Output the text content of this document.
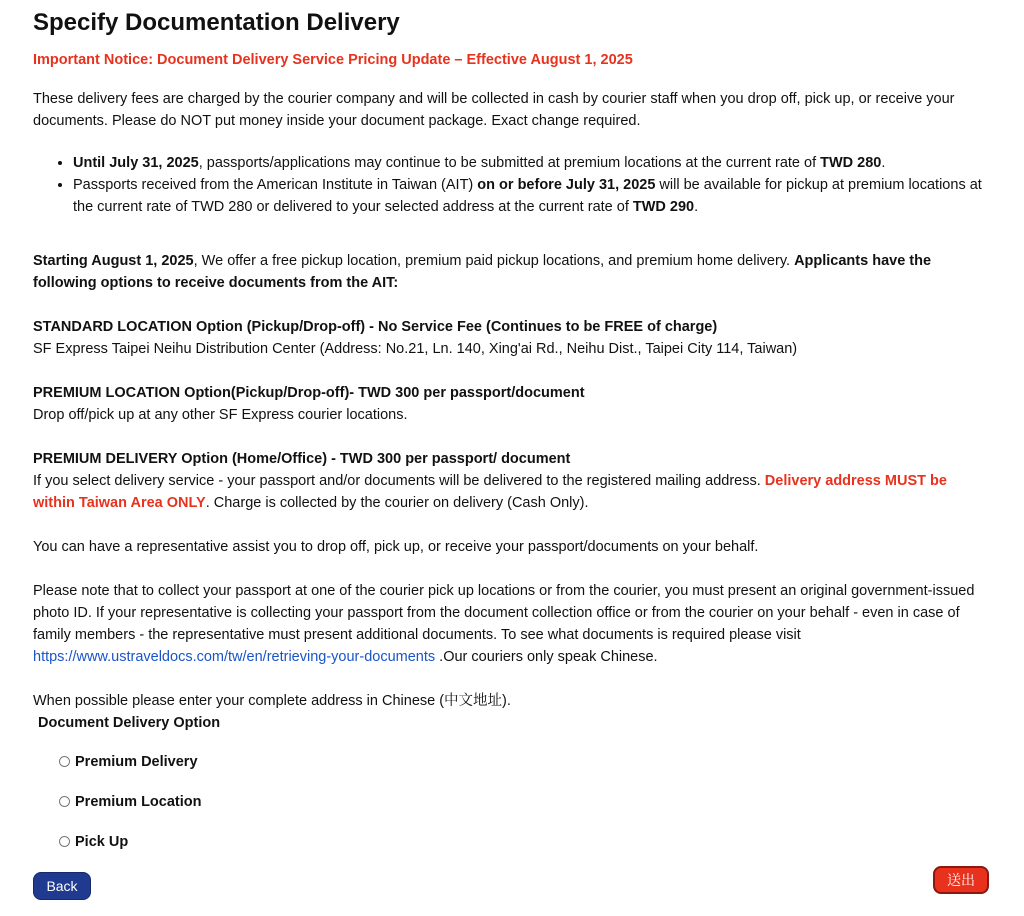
Specify Documentation Delivery
Important Notice: Document Delivery Service Pricing Update – Effective August 1, 2025

These delivery fees are charged by the courier company and will be collected in cash by courier staff when you drop off, pick up, or receive your documents. Please do NOT put money inside your document package. Exact change required.

• Until July 31, 2025, passports/applications may continue to be submitted at premium locations at the current rate of TWD 280.
• Passports received from the American Institute in Taiwan (AIT) on or before July 31, 2025 will be available for pickup at premium locations at the current rate of TWD 280 or delivered to your selected address at the current rate of TWD 290.

Starting August 1, 2025, We offer a free pickup location, premium paid pickup locations, and premium home delivery. Applicants have the following options to receive documents from the AIT:

STANDARD LOCATION Option (Pickup/Drop-off) - No Service Fee (Continues to be FREE of charge)

SF Express Taipei Neihu Distribution Center (Address: No.21, Ln. 140, Xing'ai Rd., Neihu Dist., Taipei City 114, Taiwan)

PREMIUM LOCATION Option(Pickup/Drop-off)- TWD 300 per passport/document

Drop off/pick up at any other SF Express courier locations.

PREMIUM DELIVERY Option (Home/Office) - TWD 300 per passport/ document

If you select delivery service - your passport and/or documents will be delivered to the registered mailing address. Delivery address MUST be within Taiwan Area ONLY. Charge is collected by the courier on delivery (Cash Only).

You can have a representative assist you to drop off, pick up, or receive your passport/documents on your behalf.

Please note that to collect your passport at one of the courier pick up locations or from the courier, you must present an original government-issued photo ID. If your representative is collecting your passport from the document collection office or from the courier on your behalf - even in case of family members - the representative must present additional documents. To see what documents is required please visit https://www.ustraveldocs.com/tw/en/retrieving-your-documents .Our couriers only speak Chinese.

When possible please enter your complete address in Chinese (中文地址).

Document Delivery Option
Premium Delivery
Premium Location
Pick Up
Back	送出
